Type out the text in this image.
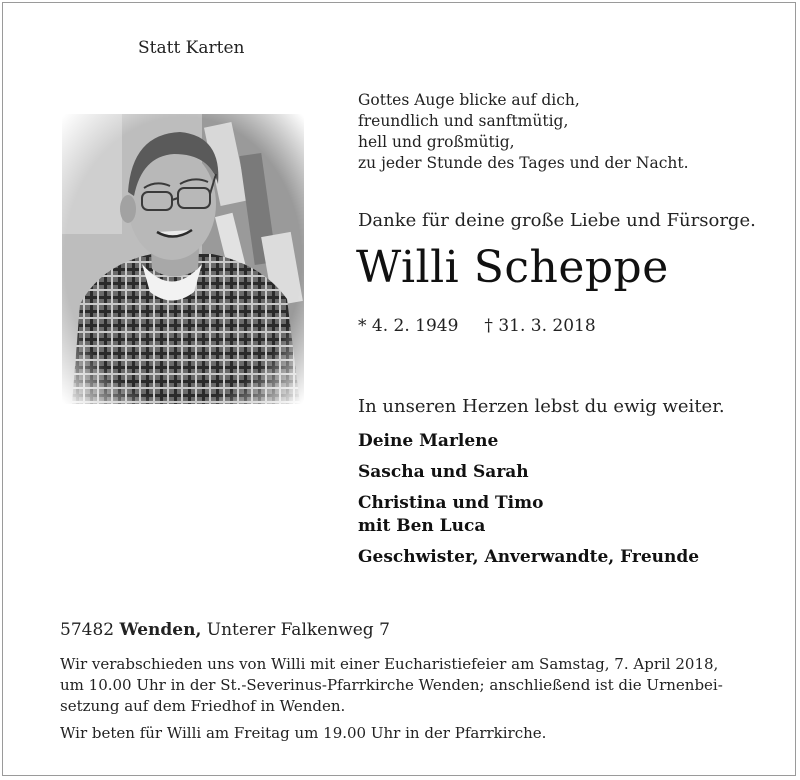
Statt Karten
Gottes Auge blicke auf dich,
freundlich und sanftmütig,
hell und großmütig,
zu jeder Stunde des Tages und der Nacht.
Danke für deine große Liebe und Fürsorge.
Willi Scheppe
* 4. 2. 1949 † 31. 3. 2018
In unseren Herzen lebst du ewig weiter.
Deine Marlene
Sascha und Sarah
Christina und Timo
mit Ben Luca
Geschwister, Anverwandte, Freunde
57482 Wenden, Unterer Falkenweg 7
Wir verabschieden uns von Willi mit einer Eucharistiefeier am Samstag, 7. April 2018,
um 10.00 Uhr in der St.-Severinus-Pfarrkirche Wenden; anschließend ist die Urnenbei-
setzung auf dem Friedhof in Wenden.
Wir beten für Willi am Freitag um 19.00 Uhr in der Pfarrkirche.
